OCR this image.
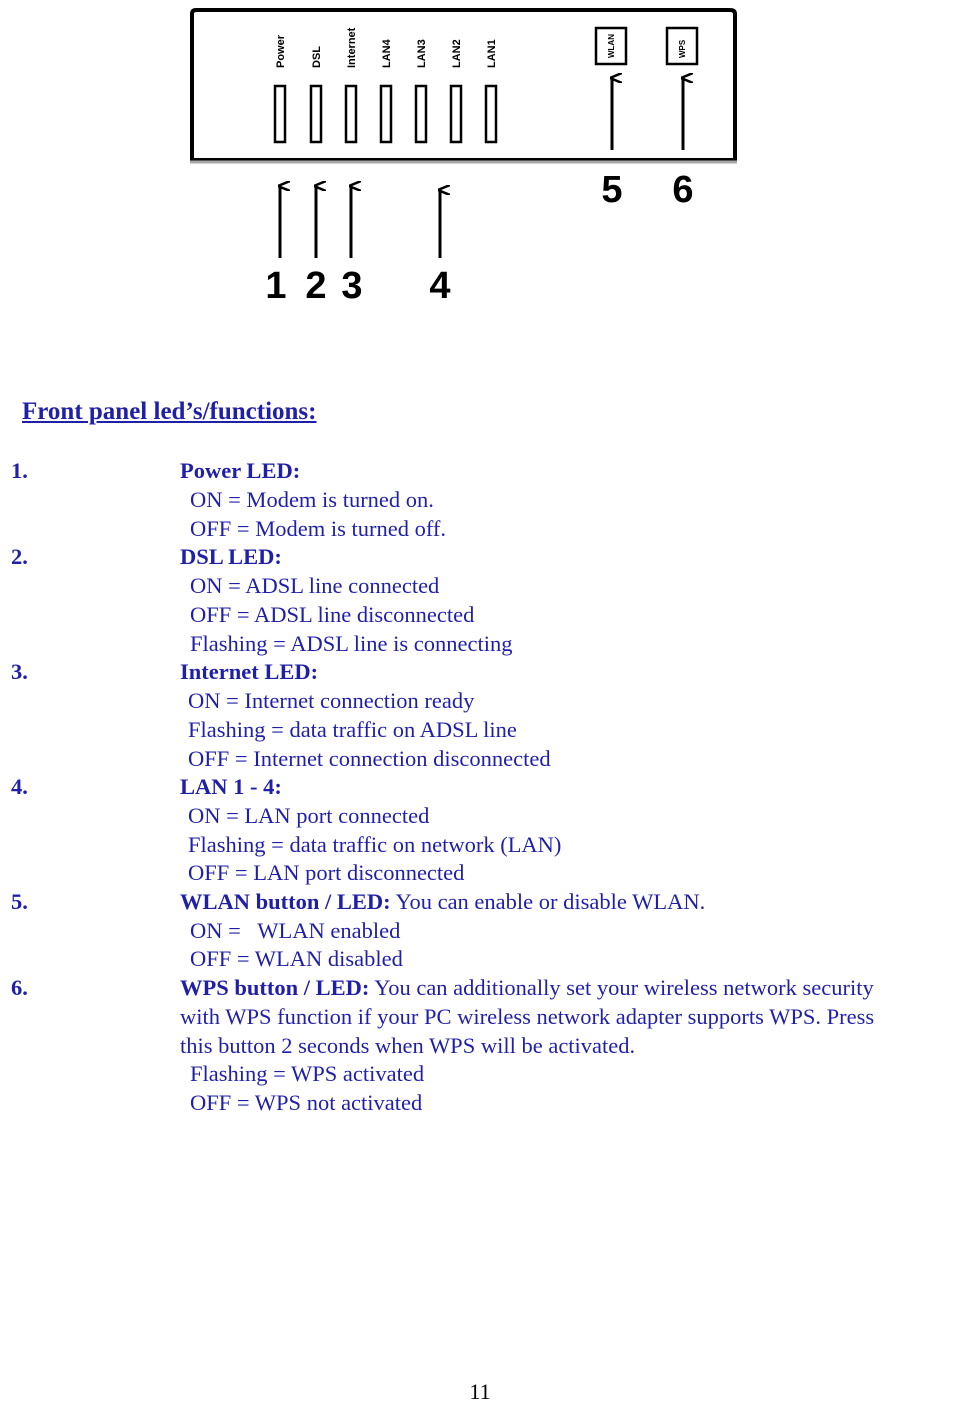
Power DSL Internet LAN4 LAN3 LAN2 LAN1	WLAN	WPS
1 2 3 4
5 6
Front panel led’s/functions:
1.	Power LED:
ON = Modem is turned on.
OFF = Modem is turned off.
2.	DSL LED:
ON = ADSL line connected
OFF = ADSL line disconnected
Flashing = ADSL line is connecting
3.	Internet LED:
ON = Internet connection ready
Flashing = data traffic on ADSL line
OFF = Internet connection disconnected
4.	LAN 1 - 4:
ON = LAN port connected
Flashing = data traffic on network (LAN)
OFF = LAN port disconnected
5.	WLAN button / LED: You can enable or disable WLAN.
ON =   WLAN enabled
OFF = WLAN disabled
6.	WPS button / LED: You can additionally set your wireless network security
with WPS function if your PC wireless network adapter supports WPS. Press
this button 2 seconds when WPS will be activated.
Flashing = WPS activated
OFF = WPS not activated
11
